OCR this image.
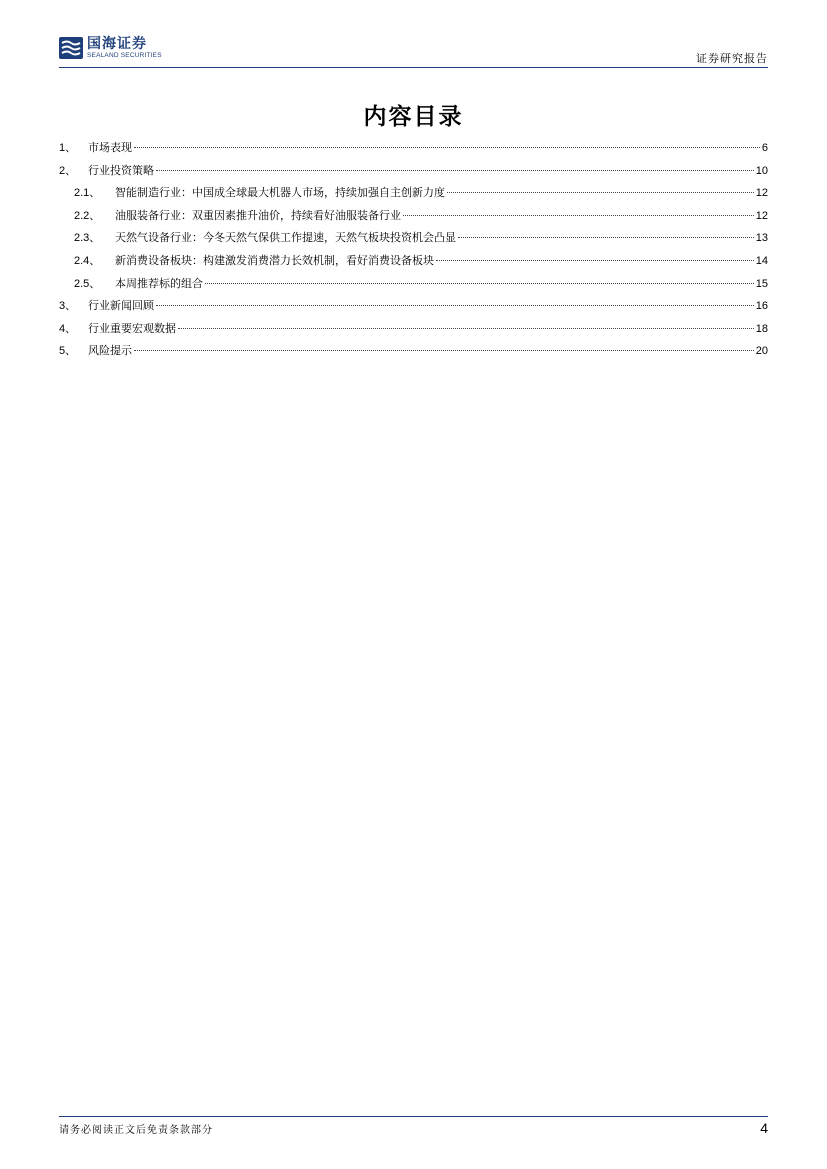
国海证券
SEALAND SECURITIES	证券研究报告
内容目录
1、	市场表现	6
2、	行业投资策略	10
2.1、	智能制造行业：中国成全球最大机器人市场，持续加强自主创新力度	12
2.2、	油服装备行业：双重因素推升油价，持续看好油服装备行业	12
2.3、	天然气设备行业：今冬天然气保供工作提速，天然气板块投资机会凸显	13
2.4、	新消费设备板块：构建激发消费潜力长效机制，看好消费设备板块	14
2.5、	本周推荐标的组合	15
3、	行业新闻回顾	16
4、	行业重要宏观数据	18
5、	风险提示	20
请务必阅读正文后免责条款部分	4
